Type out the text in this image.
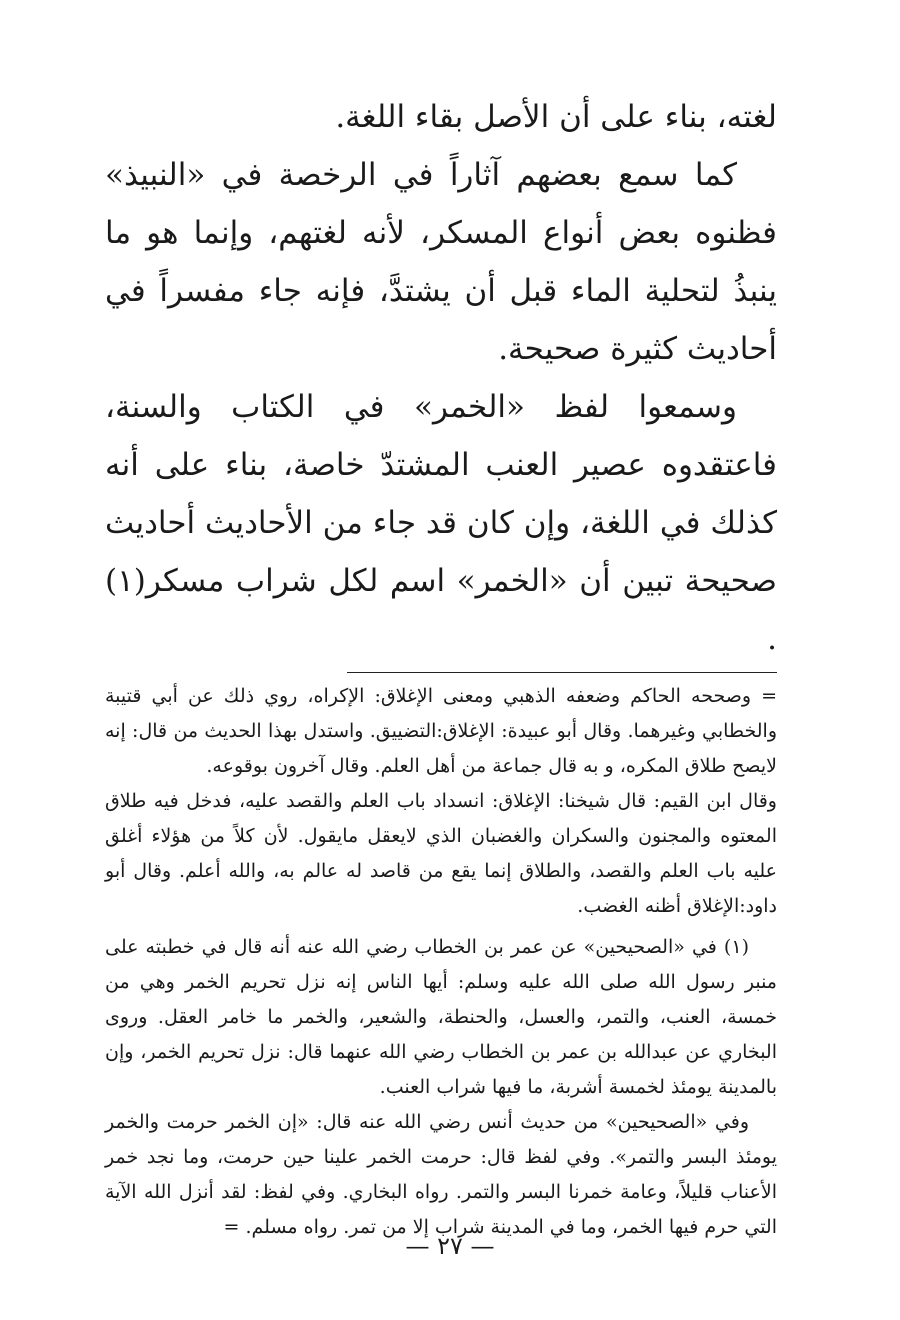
لغته، بناء على أن الأصل بقاء اللغة.

كما سمع بعضهم آثاراً في الرخصة في «النبيذ» فظنوه بعض أنواع المسكر، لأنه لغتهم، وإنما هو ما ينبذُ لتحلية الماء قبل أن يشتدَّ، فإنه جاء مفسراً في أحاديث كثيرة صحيحة.

وسمعوا لفظ «الخمر» في الكتاب والسنة، فاعتقدوه عصير العنب المشتدّ خاصة، بناء على أنه كذلك في اللغة، وإن كان قد جاء من الأحاديث أحاديث صحيحة تبين أن «الخمر» اسم لكل شراب مسكر(١) .

= وصححه الحاكم وضعفه الذهبي ومعنى الإغلاق: الإكراه، روي ذلك عن أبي قتيبة والخطابي وغيرهما. وقال أبو عبيدة: الإغلاق:التضييق. واستدل بهذا الحديث من قال: إنه لايصح طلاق المكره، و به قال جماعة من أهل العلم. وقال آخرون بوقوعه.

وقال ابن القيم: قال شيخنا: الإغلاق: انسداد باب العلم والقصد عليه، فدخل فيه طلاق المعتوه والمجنون والسكران والغضبان الذي لايعقل مايقول. لأن كلاً من هؤلاء أغلق عليه باب العلم والقصد، والطلاق إنما يقع من قاصد له عالم به، والله أعلم. وقال أبو داود:الإغلاق أظنه الغضب.

(١) في «الصحيحين» عن عمر بن الخطاب رضي الله عنه أنه قال في خطبته على منبر رسول الله صلى الله عليه وسلم: أيها الناس إنه نزل تحريم الخمر وهي من خمسة، العنب، والتمر، والعسل، والحنطة، والشعير، والخمر ما خامر العقل. وروى البخاري عن عبدالله بن عمر بن الخطاب رضي الله عنهما قال: نزل تحريم الخمر، وإن بالمدينة يومئذ لخمسة أشربة، ما فيها شراب العنب.

وفي «الصحيحين» من حديث أنس رضي الله عنه قال: «إن الخمر حرمت والخمر يومئذ البسر والتمر». وفي لفظ قال: حرمت الخمر علينا حين حرمت، وما نجد خمر الأعناب قليلاً، وعامة خمرنا البسر والتمر. رواه البخاري. وفي لفظ: لقد أنزل الله الآية التي حرم فيها الخمر، وما في المدينة شراب إلا من تمر. رواه مسلم. =

— ٢٧ —
